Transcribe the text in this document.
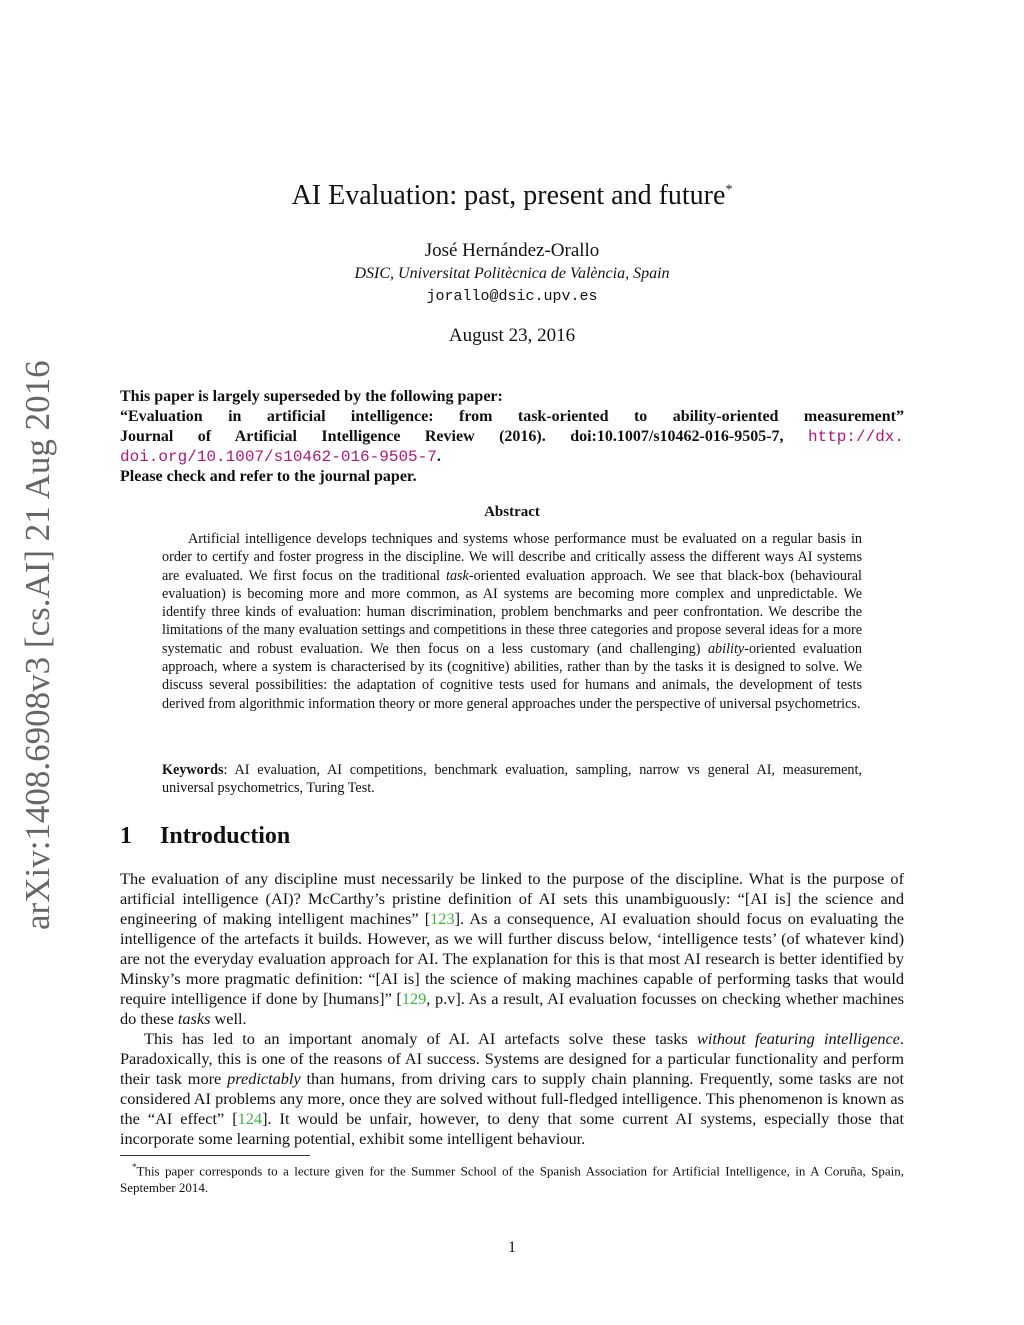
AI Evaluation: past, present and future*
José Hernández-Orallo
DSIC, Universitat Politècnica de València, Spain
jorallo@dsic.upv.es
August 23, 2016
arXiv:1408.6908v3 [cs.AI] 21 Aug 2016	This paper is largely superseded by the following paper:

“Evaluation in artificial intelligence: from task-oriented to ability-oriented measurement”

Journal of Artificial Intelligence Review (2016). doi:10.1007/s10462-016-9505-7, http://dx.

doi.org/10.1007/s10462-016-9505-7.

Please check and refer to the journal paper.

Abstract

Artificial intelligence develops techniques and systems whose performance must be evaluated on a regular basis in order to certify and foster progress in the discipline. We will describe and critically assess the different ways AI systems are evaluated. We first focus on the traditional task-oriented evaluation approach. We see that black-box (behavioural evaluation) is becoming more and more common, as AI systems are becoming more complex and unpredictable. We identify three kinds of evaluation: human discrimination, problem benchmarks and peer confrontation. We describe the limitations of the many evaluation settings and competitions in these three categories and propose several ideas for a more systematic and robust evaluation. We then focus on a less customary (and challenging) ability-oriented evaluation approach, where a system is characterised by its (cognitive) abilities, rather than by the tasks it is designed to solve. We discuss several possibilities: the adaptation of cognitive tests used for humans and animals, the development of tests derived from algorithmic information theory or more general approaches under the perspective of universal psychometrics.

Keywords: AI evaluation, AI competitions, benchmark evaluation, sampling, narrow vs general AI, measurement, universal psychometrics, Turing Test.

1 Introduction

The evaluation of any discipline must necessarily be linked to the purpose of the discipline. What is the purpose of artificial intelligence (AI)? McCarthy’s pristine definition of AI sets this unambiguously: “[AI is] the science and engineering of making intelligent machines” [123]. As a consequence, AI evaluation should focus on evaluating the intelligence of the artefacts it builds. However, as we will further discuss below, ‘intelligence tests’ (of whatever kind) are not the everyday evaluation approach for AI. The explanation for this is that most AI research is better identified by Minsky’s more pragmatic definition: “[AI is] the science of making machines capable of performing tasks that would require intelligence if done by [humans]” [129, p.v]. As a result, AI evaluation focusses on checking whether machines do these tasks well.

This has led to an important anomaly of AI. AI artefacts solve these tasks without featuring intelligence. Paradoxically, this is one of the reasons of AI success. Systems are designed for a particular functionality and perform their task more predictably than humans, from driving cars to supply chain planning. Frequently, some tasks are not considered AI problems any more, once they are solved without full-fledged intelligence. This phenomenon is known as the “AI effect” [124]. It would be unfair, however, to deny that some current AI systems, especially those that incorporate some learning potential, exhibit some intelligent behaviour.

*This paper corresponds to a lecture given for the Summer School of the Spanish Association for Artificial Intelligence, in A Coruña, Spain, September 2014.

1
